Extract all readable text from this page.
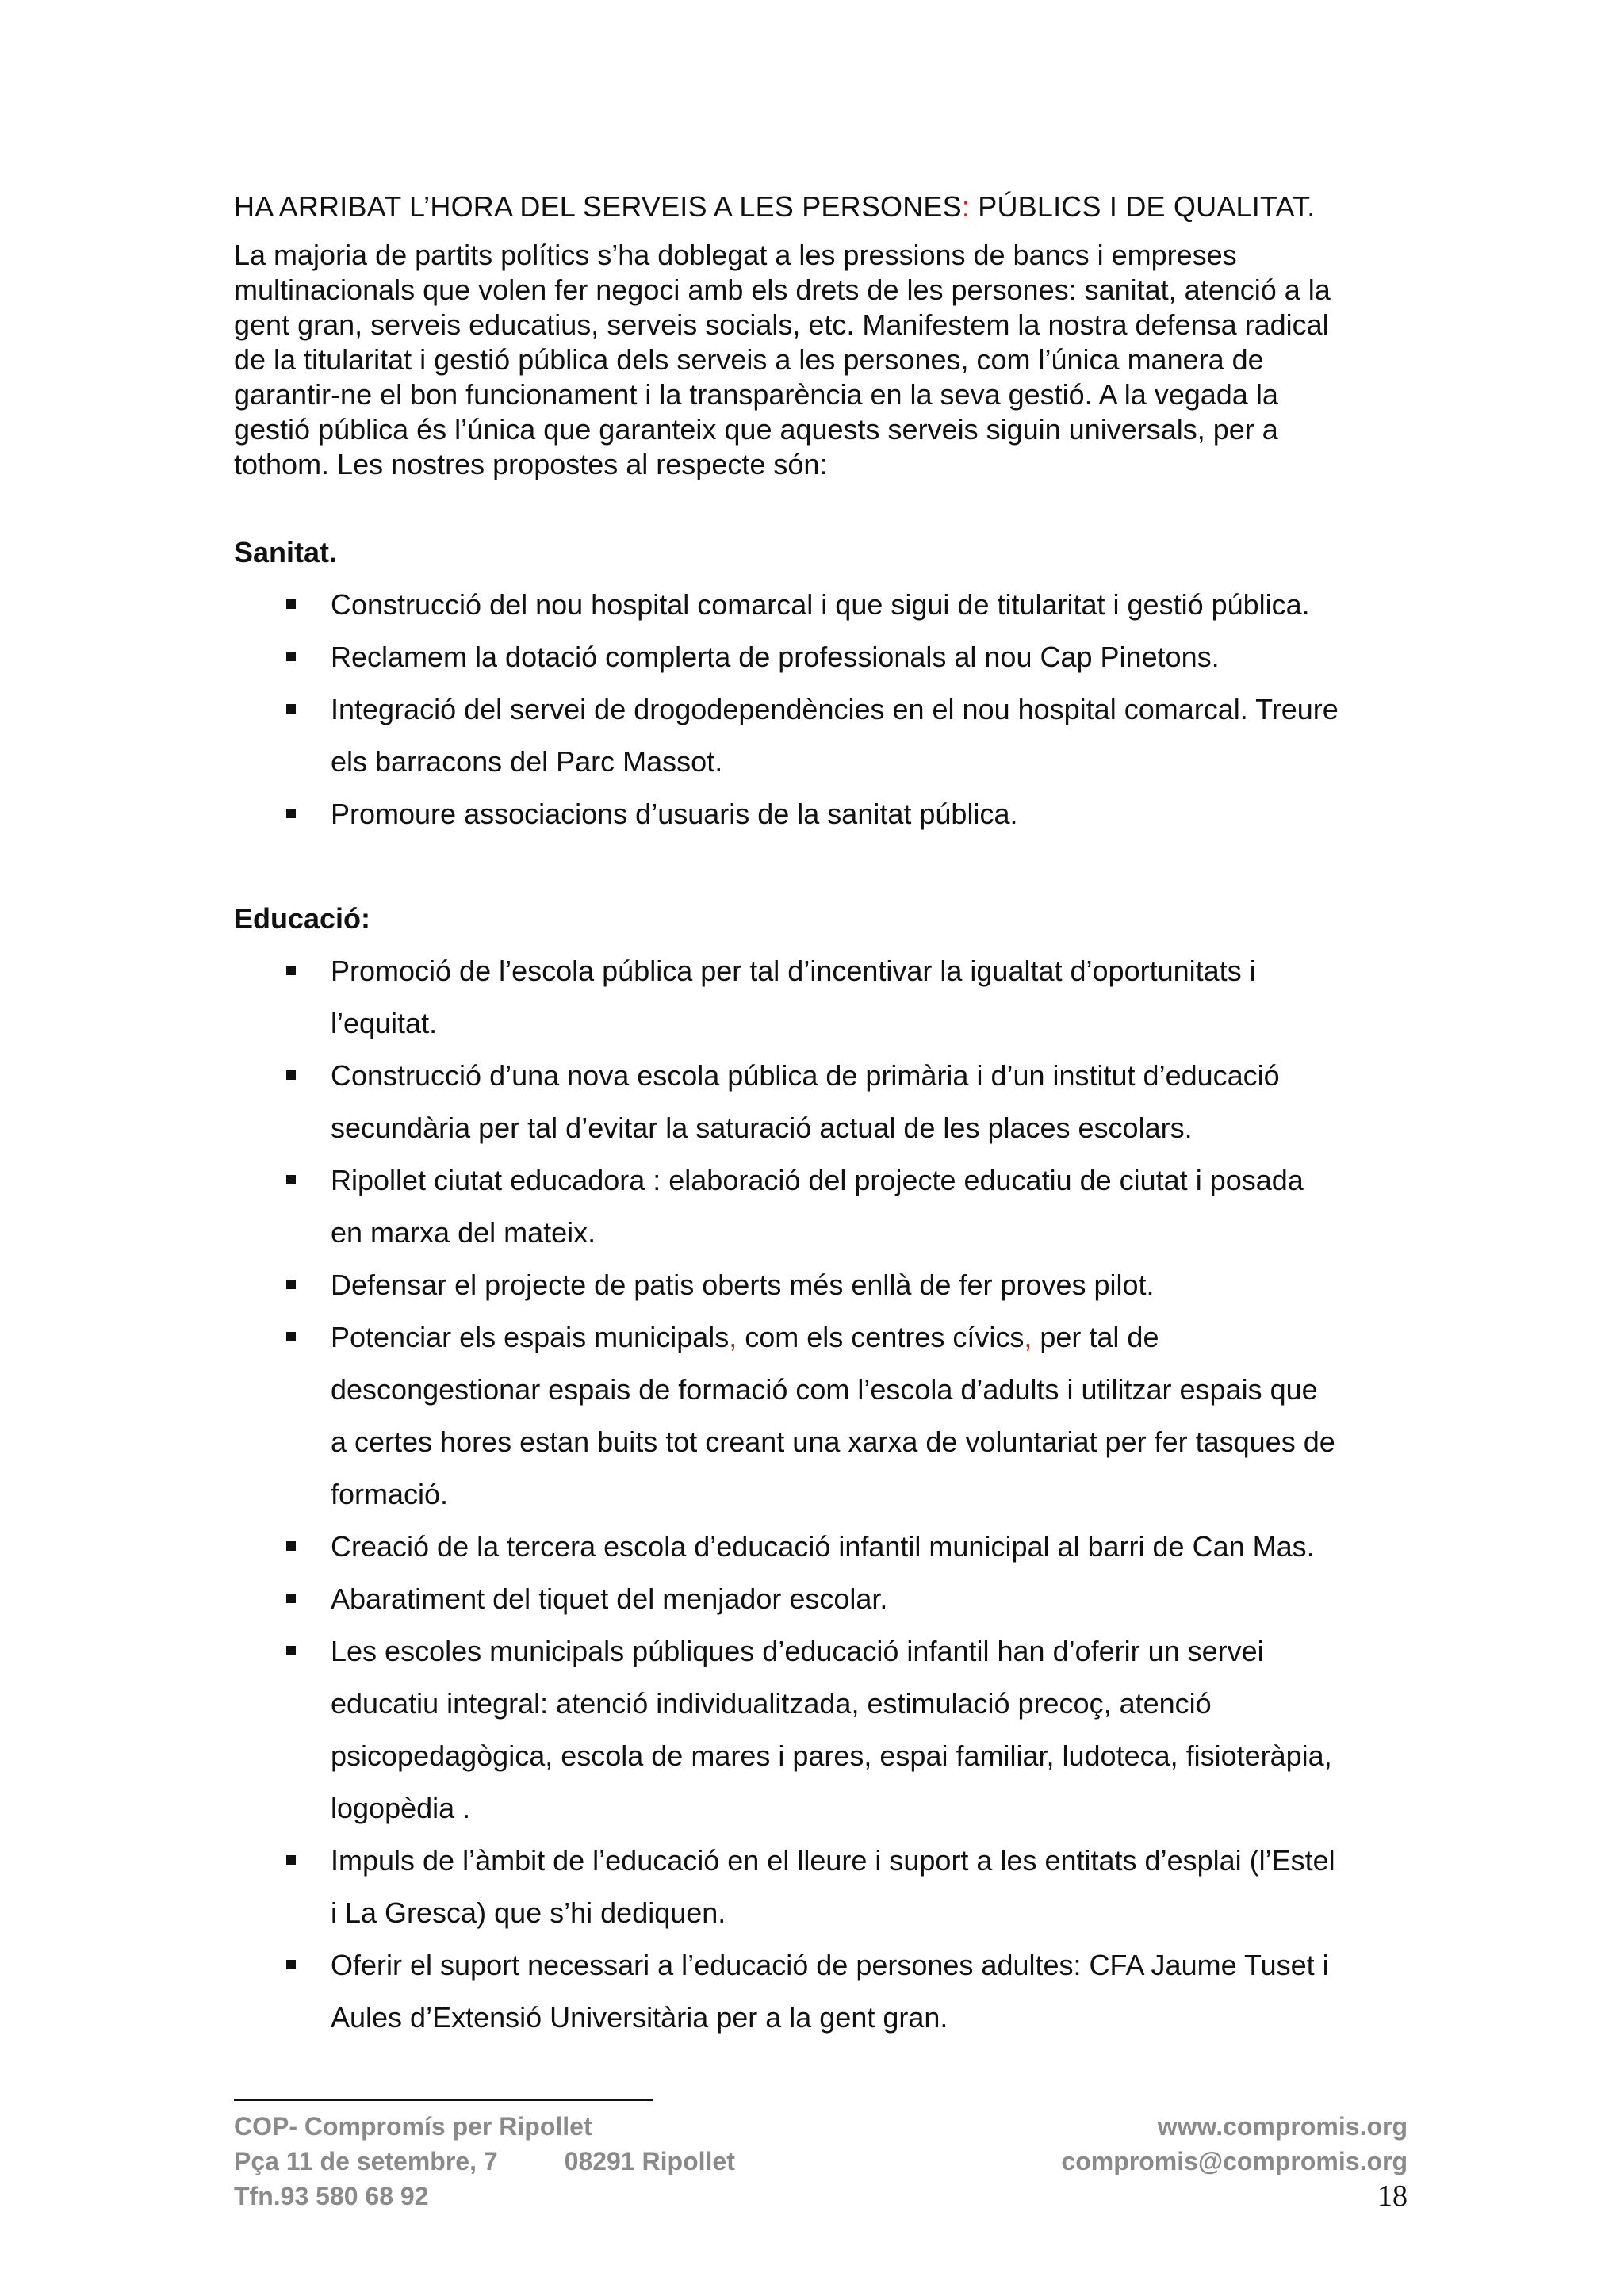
HA ARRIBAT L’HORA DEL SERVEIS A LES PERSONES: PÚBLICS I DE QUALITAT.

La majoria de partits polítics s’ha doblegat a les pressions de bancs i empreses
multinacionals que volen fer negoci amb els drets de les persones: sanitat, atenció a la
gent gran, serveis educatius, serveis socials, etc. Manifestem la nostra defensa radical
de la titularitat i gestió pública dels serveis a les persones, com l’única manera de
garantir-ne el bon funcionament i la transparència en la seva gestió. A la vegada la
gestió pública és l’única que garanteix que aquests serveis siguin universals, per a
tothom. Les nostres propostes al respecte són:

Sanitat.

Construcció del nou hospital comarcal i que sigui de titularitat i gestió pública.
Reclamem la dotació complerta de professionals al nou Cap Pinetons.
Integració del servei de drogodependències en el nou hospital comarcal. Treure
els barracons del Parc Massot.
Promoure associacions d’usuaris de la sanitat pública.

Educació:

Promoció de l’escola pública per tal d’incentivar la igualtat d’oportunitats i
l’equitat.
Construcció d’una nova escola pública de primària i d’un institut d’educació
secundària per tal d’evitar la saturació actual de les places escolars.
Ripollet ciutat educadora : elaboració del projecte educatiu de ciutat i posada
en marxa del mateix.
Defensar el projecte de patis oberts més enllà de fer proves pilot.
Potenciar els espais municipals, com els centres cívics, per tal de
descongestionar espais de formació com l’escola d’adults i utilitzar espais que
a certes hores estan buits tot creant una xarxa de voluntariat per fer tasques de
formació.
Creació de la tercera escola d’educació infantil municipal al barri de Can Mas.
Abaratiment del tiquet del menjador escolar.
Les escoles municipals públiques d’educació infantil han d’oferir un servei
educatiu integral: atenció individualitzada, estimulació precoç, atenció
psicopedagògica, escola de mares i pares, espai familiar, ludoteca, fisioteràpia,
logopèdia .
Impuls de l’àmbit de l’educació en el lleure i suport a les entitats d’esplai (l’Estel
i La Gresca) que s’hi dediquen.
Oferir el suport necessari a l’educació de persones adultes: CFA Jaume Tuset i
Aules d’Extensió Universitària per a la gent gran.
COP- Compromís per Ripollet
Pça 11 de setembre, 7	08291 Ripollet
Tfn.93 580 68 92
www.compromis.org
compromis@compromis.org
18
